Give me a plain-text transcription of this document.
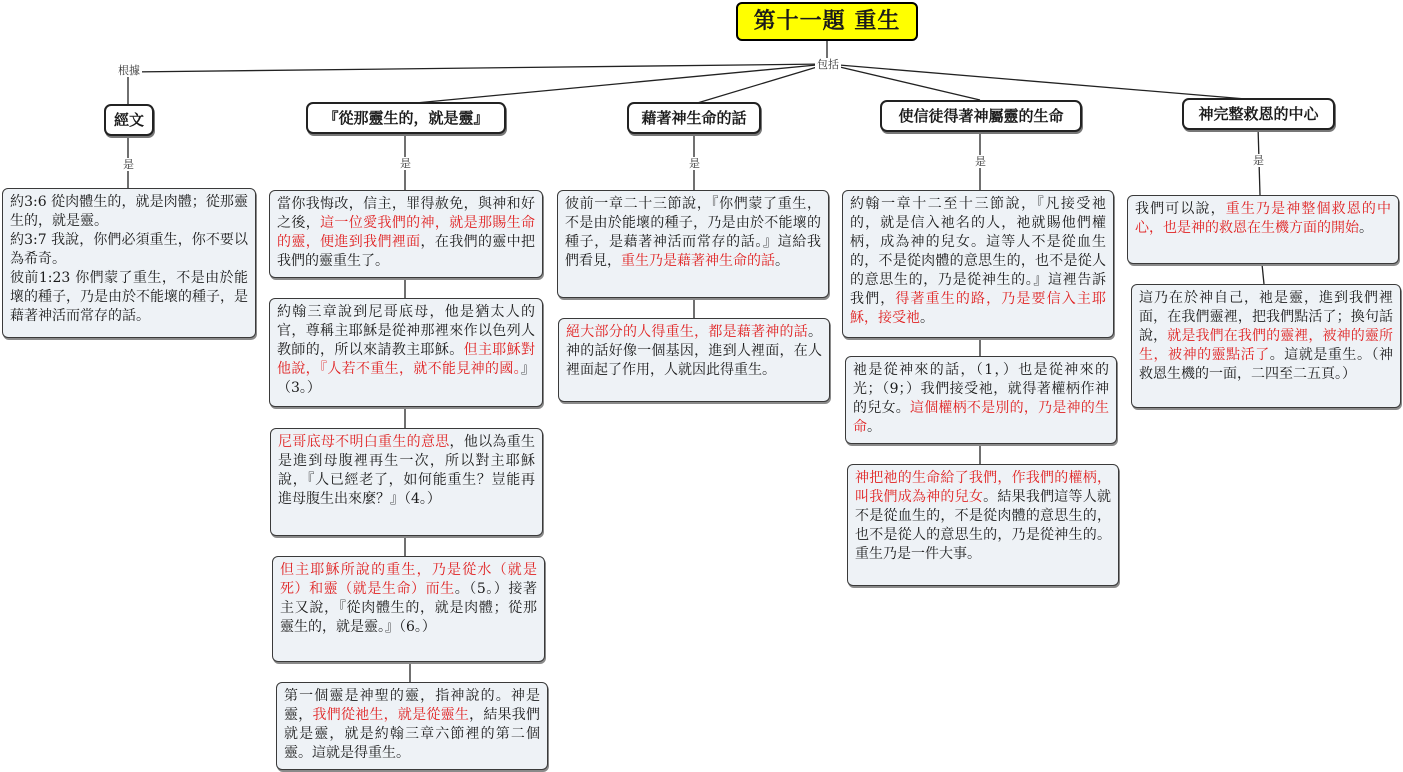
第十一題 重生
根據	包括
經文	『從那靈生的，就是靈』	藉著神生命的話	使信徒得著神屬靈的生命	神完整救恩的中心
是	是	是	是	是
約3:6 從肉體生的，就是肉體；從那靈生的，就是靈。
約3:7 我說，你們必須重生，你不要以為希奇。
彼前1:23 你們蒙了重生，不是由於能壞的種子，乃是由於不能壞的種子，是藉著神活而常存的話。
當你我悔改，信主，罪得赦免，與神和好之後，這一位愛我們的神，就是那賜生命的靈，便進到我們裡面，在我們的靈中把我們的靈重生了。
約翰三章說到尼哥底母，他是猶太人的官，尊稱主耶穌是從神那裡來作以色列人教師的，所以來請教主耶穌。但主耶穌對他說，『人若不重生，就不能見神的國。』（3。）
尼哥底母不明白重生的意思，他以為重生是進到母腹裡再生一次，所以對主耶穌說，『人已經老了，如何能重生？豈能再進母腹生出來麼？』（4。）
但主耶穌所說的重生，乃是從水（就是死）和靈（就是生命）而生。（5。）接著主又說，『從肉體生的，就是肉體；從那靈生的，就是靈。』（6。）
第一個靈是神聖的靈，指神說的。神是靈，我們從祂生，就是從靈生，結果我們就是靈，就是約翰三章六節裡的第二個靈。這就是得重生。
彼前一章二十三節說，『你們蒙了重生，不是由於能壞的種子，乃是由於不能壞的種子，是藉著神活而常存的話。』這給我們看見，重生乃是藉著神生命的話。
絕大部分的人得重生，都是藉著神的話。神的話好像一個基因，進到人裡面，在人裡面起了作用，人就因此得重生。
約翰一章十二至十三節說，『凡接受祂的，就是信入祂名的人，祂就賜他們權柄，成為神的兒女。這等人不是從血生的，不是從肉體的意思生的，也不是從人的意思生的，乃是從神生的。』這裡告訴我們，得著重生的路，乃是要信入主耶穌，接受祂。
祂是從神來的話，（1，）也是從神來的光；（9；）我們接受祂，就得著權柄作神的兒女。這個權柄不是別的，乃是神的生命。
神把祂的生命給了我們，作我們的權柄，叫我們成為神的兒女。結果我們這等人就不是從血生的，不是從肉體的意思生的，也不是從人的意思生的，乃是從神生的。重生乃是一件大事。
我們可以說，重生乃是神整個救恩的中心，也是神的救恩在生機方面的開始。
這乃在於神自己，祂是靈，進到我們裡面，在我們靈裡，把我們點活了；換句話說，就是我們在我們的靈裡，被神的靈所生，被神的靈點活了。這就是重生。（神救恩生機的一面，二四至二五頁。）
